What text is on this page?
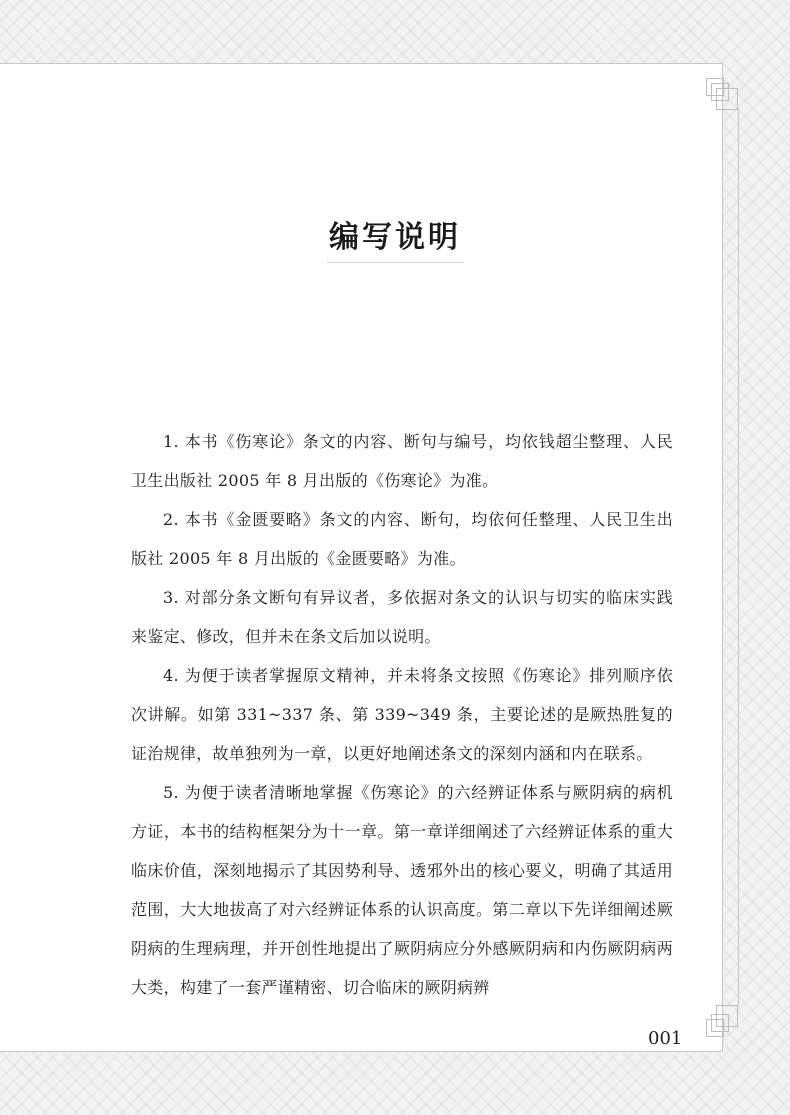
编写说明

1. 本书《伤寒论》条文的内容、断句与编号，均依钱超尘整理、人民卫生出版社 2005 年 8 月出版的《伤寒论》为准。

2. 本书《金匮要略》条文的内容、断句，均依何任整理、人民卫生出版社 2005 年 8 月出版的《金匮要略》为准。

3. 对部分条文断句有异议者，多依据对条文的认识与切实的临床实践来鉴定、修改，但并未在条文后加以说明。

4. 为便于读者掌握原文精神，并未将条文按照《伤寒论》排列顺序依次讲解。如第 331~337 条、第 339~349 条，主要论述的是厥热胜复的证治规律，故单独列为一章，以更好地阐述条文的深刻内涵和内在联系。

5. 为便于读者清晰地掌握《伤寒论》的六经辨证体系与厥阴病的病机方证，本书的结构框架分为十一章。第一章详细阐述了六经辨证体系的重大临床价值，深刻地揭示了其因势利导、透邪外出的核心要义，明确了其适用范围，大大地拔高了对六经辨证体系的认识高度。第二章以下先详细阐述厥阴病的生理病理，并开创性地提出了厥阴病应分外感厥阴病和内伤厥阴病两大类，构建了一套严谨精密、切合临床的厥阴病辨

001
